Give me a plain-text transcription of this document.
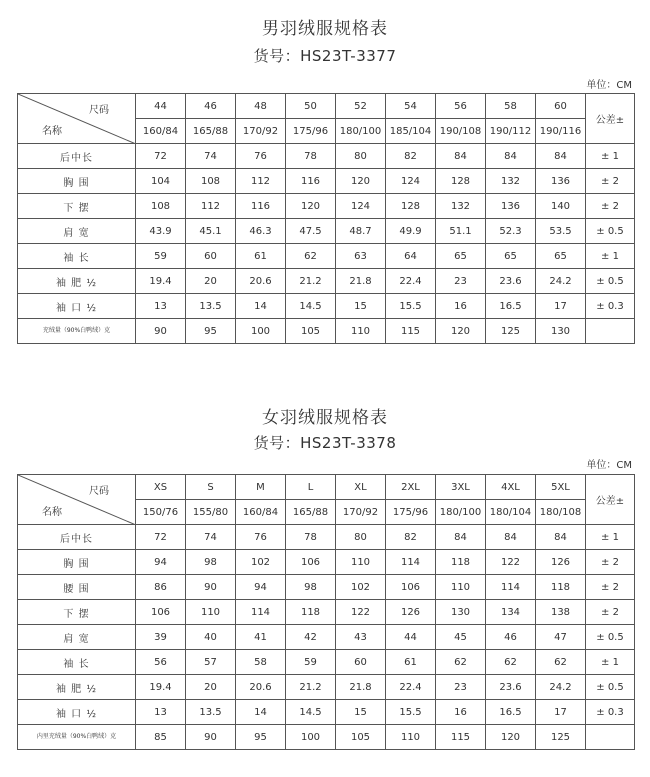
男羽绒服规格表
货号：HS23T-3377
单位：CM
尺码
名称	44	46	48	50	52	54	56	58	60	公差±
	160/84	165/88	170/92	175/96	180/100	185/104	190/108	190/112	190/116	
后中长	72	74	76	78	80	82	84	84	84	± 1
胸 围	104	108	112	116	120	124	128	132	136	± 2
下 摆	108	112	116	120	124	128	132	136	140	± 2
肩 宽	43.9	45.1	46.3	47.5	48.7	49.9	51.1	52.3	53.5	± 0.5
袖 长	59	60	61	62	63	64	65	65	65	± 1
袖 肥 ½	19.4	20	20.6	21.2	21.8	22.4	23	23.6	24.2	± 0.5
袖 口 ½	13	13.5	14	14.5	15	15.5	16	16.5	17	± 0.3
充绒量（90%白鸭绒）克	90	95	100	105	110	115	120	125	130	
女羽绒服规格表
货号：HS23T-3378
单位：CM
尺码
名称	XS	S	M	L	XL	2XL	3XL	4XL	5XL	公差±
	150/76	155/80	160/84	165/88	170/92	175/96	180/100	180/104	180/108	
后中长	72	74	76	78	80	82	84	84	84	± 1
胸 围	94	98	102	106	110	114	118	122	126	± 2
腰 围	86	90	94	98	102	106	110	114	118	± 2
下 摆	106	110	114	118	122	126	130	134	138	± 2
肩 宽	39	40	41	42	43	44	45	46	47	± 0.5
袖 长	56	57	58	59	60	61	62	62	62	± 1
袖 肥 ½	19.4	20	20.6	21.2	21.8	22.4	23	23.6	24.2	± 0.5
袖 口 ½	13	13.5	14	14.5	15	15.5	16	16.5	17	± 0.3
内里充绒量（90%白鸭绒）克	85	90	95	100	105	110	115	120	125	
